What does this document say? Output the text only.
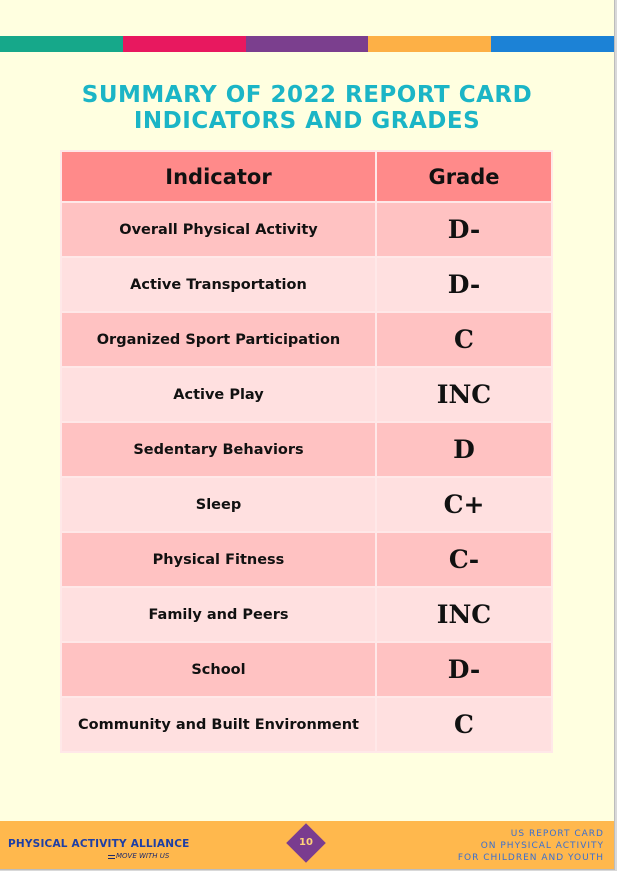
SUMMARY OF 2022 REPORT CARD
INDICATORS AND GRADES
Indicator	Grade
Overall Physical Activity	D-
Active Transportation	D-
Organized Sport Participation	C
Active Play	INC
Sedentary Behaviors	D
Sleep	C+
Physical Fitness	C-
Family and Peers	INC
School	D-
Community and Built Environment	C
PHYSICAL ACTIVITY ALLIANCE
MOVE WITH US
10
US REPORT CARD
ON PHYSICAL ACTIVITY
FOR CHILDREN AND YOUTH
